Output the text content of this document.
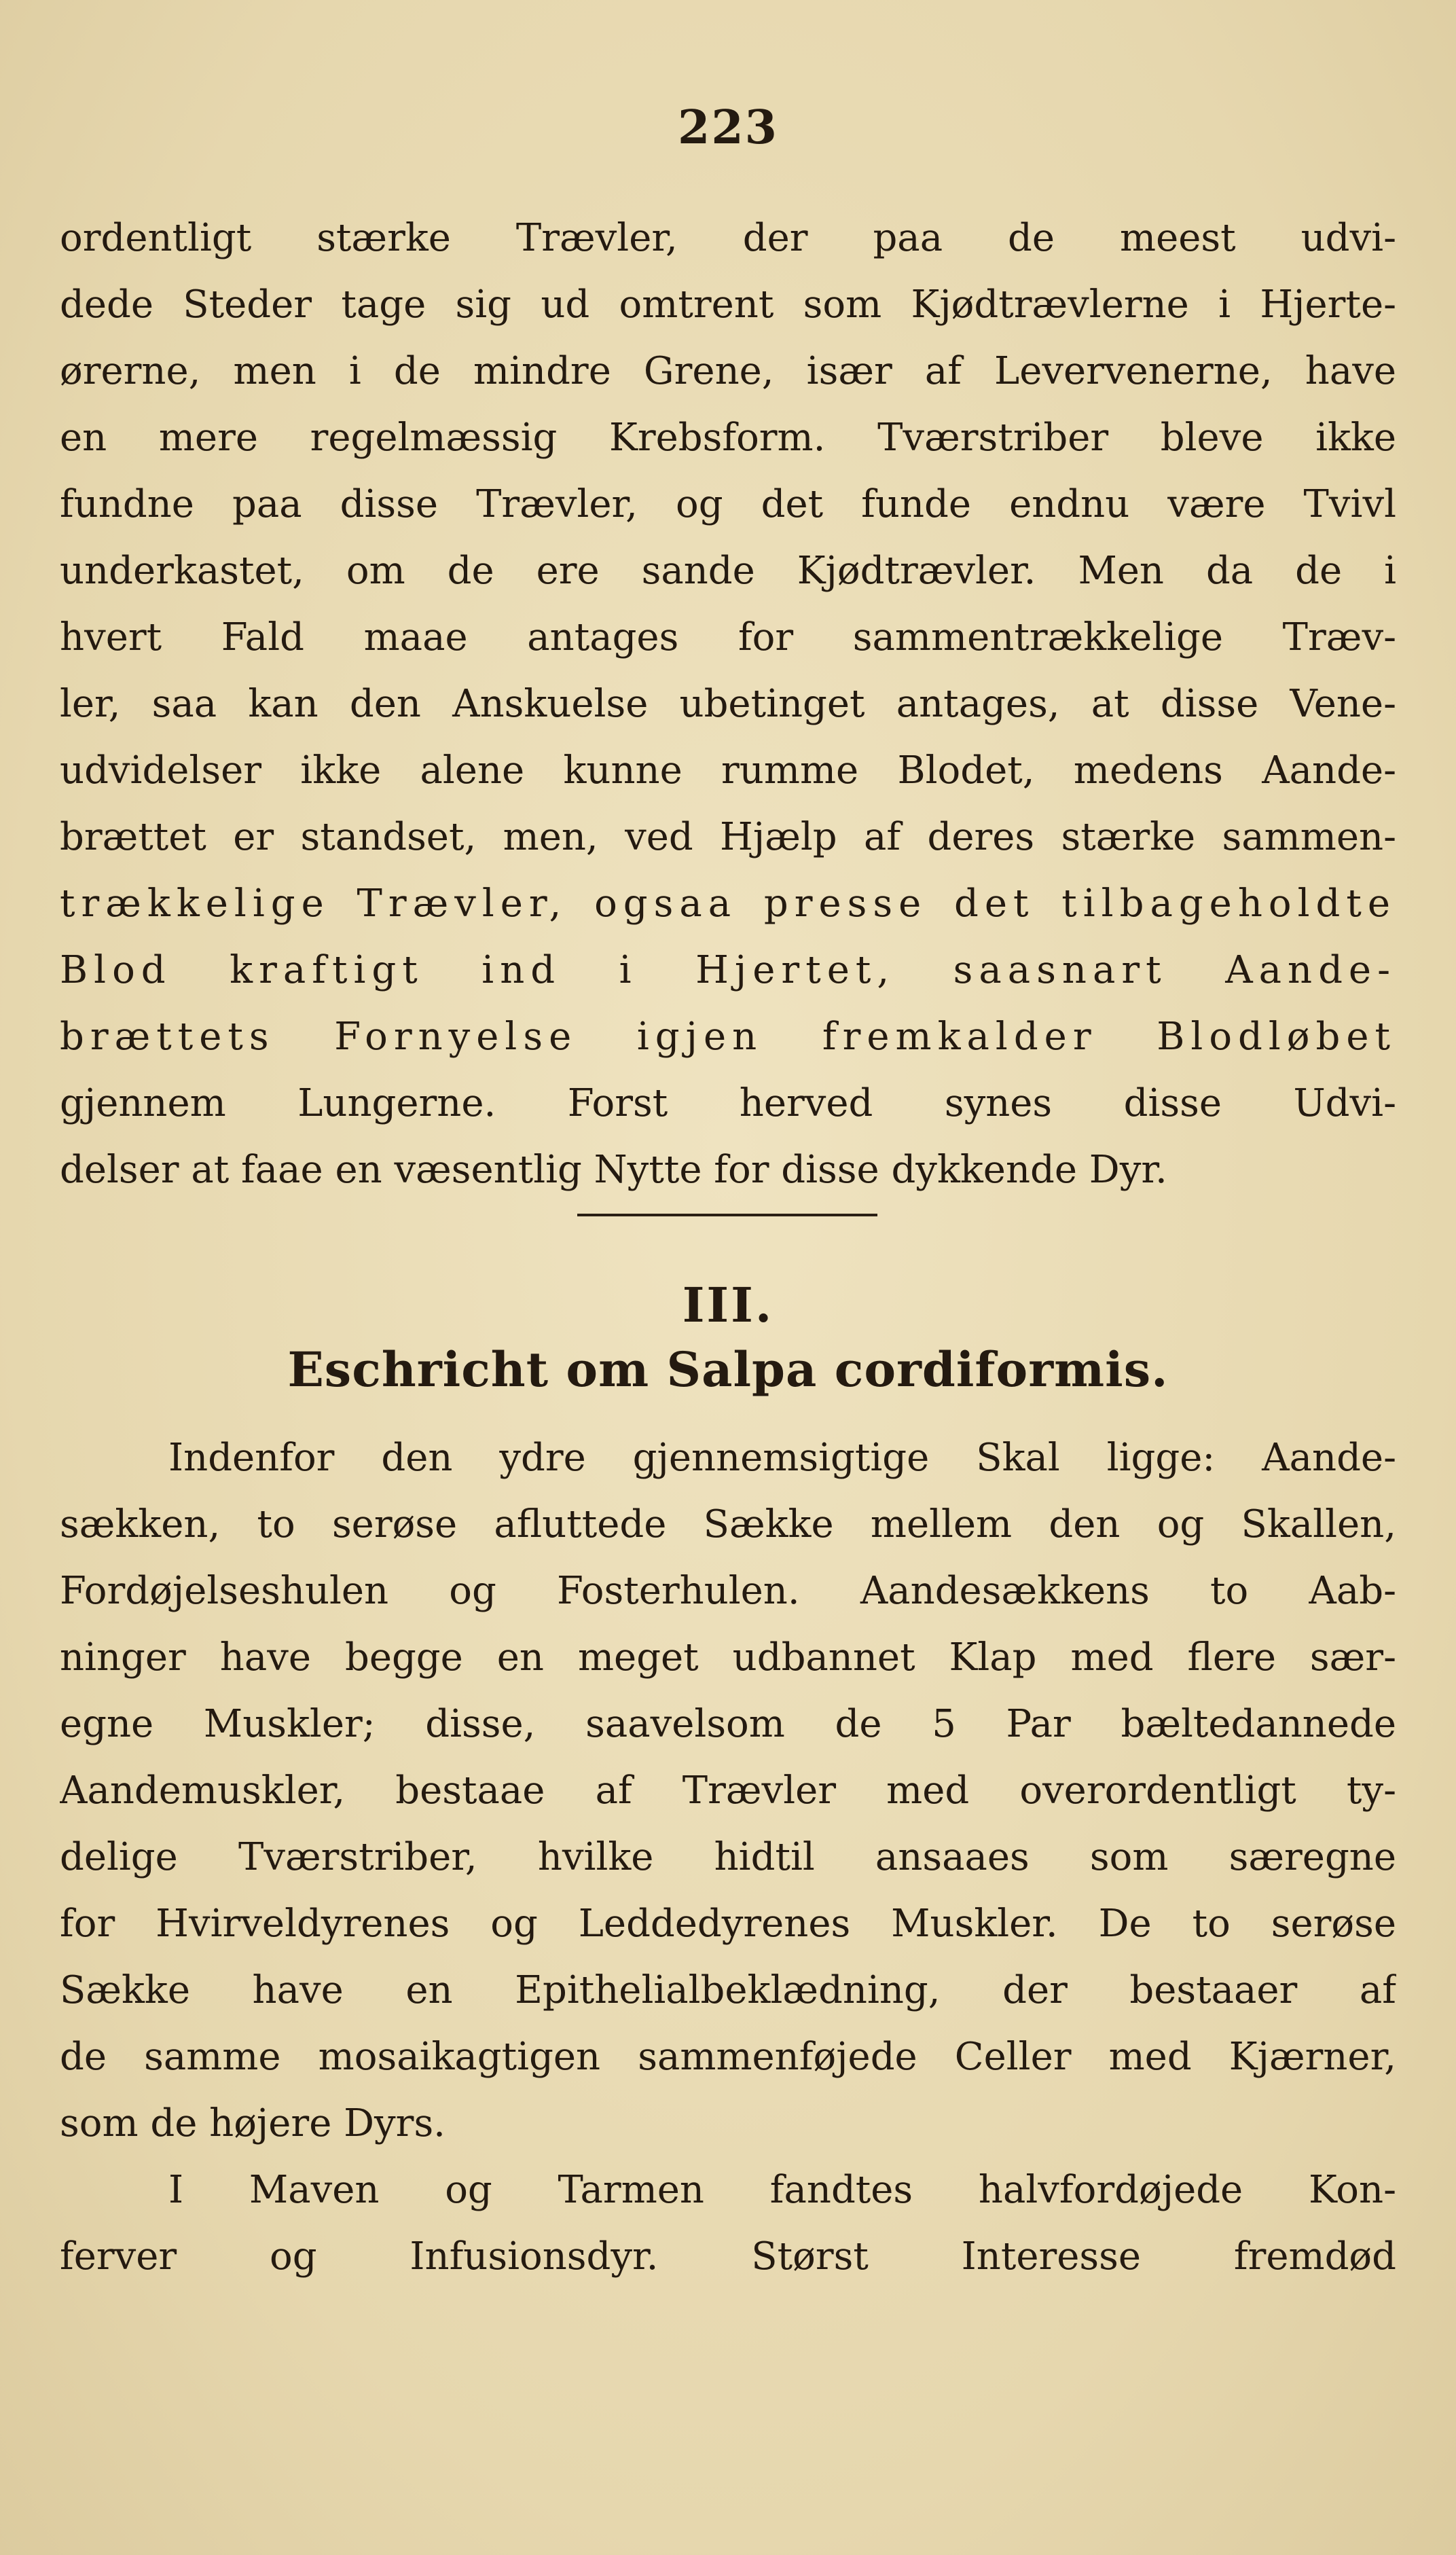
223
ordentligt stærke Trævler, der paa de meest udvi-
dede Steder tage sig ud omtrent som Kjødtrævlerne i Hjerte-
ørerne, men i de mindre Grene, især af Levervenerne, have
en mere regelmæssig Krebsform. Tværstriber bleve ikke
fundne paa disse Trævler, og det funde endnu være Tvivl
underkastet, om de ere sande Kjødtrævler. Men da de i
hvert Fald maae antages for sammentrækkelige Træv-
ler, saa kan den Anskuelse ubetinget antages, at disse Vene-
udvidelser ikke alene kunne rumme Blodet, medens Aande-
brættet er standset, men, ved Hjælp af deres stærke sammen-
trækkelige Trævler, ogsaa presse det tilbageholdte
Blod kraftigt ind i Hjertet, saasnart Aande-
brættets Fornyelse igjen fremkalder Blodløbet
gjennem Lungerne. Forst herved synes disse Udvi-
delser at faae en væsentlig Nytte for disse dykkende Dyr.
III.
Eschricht om Salpa cordiformis.
Indenfor den ydre gjennemsigtige Skal ligge: Aande-
sækken, to serøse afluttede Sække mellem den og Skallen,
Fordøjelseshulen og Fosterhulen. Aandesækkens to Aab-
ninger have begge en meget udbannet Klap med flere sær-
egne Muskler; disse, saavelsom de 5 Par bæltedannede
Aandemuskler, bestaae af Trævler med overordentligt ty-
delige Tværstriber, hvilke hidtil ansaaes som særegne
for Hvirveldyrenes og Leddedyrenes Muskler. De to serøse
Sække have en Epithelialbeklædning, der bestaaer af
de samme mosaikagtigen sammenføjede Celler med Kjærner,
som de højere Dyrs.
I Maven og Tarmen fandtes halvfordøjede Kon-
ferver og Infusionsdyr. Størst Interesse fremdød
